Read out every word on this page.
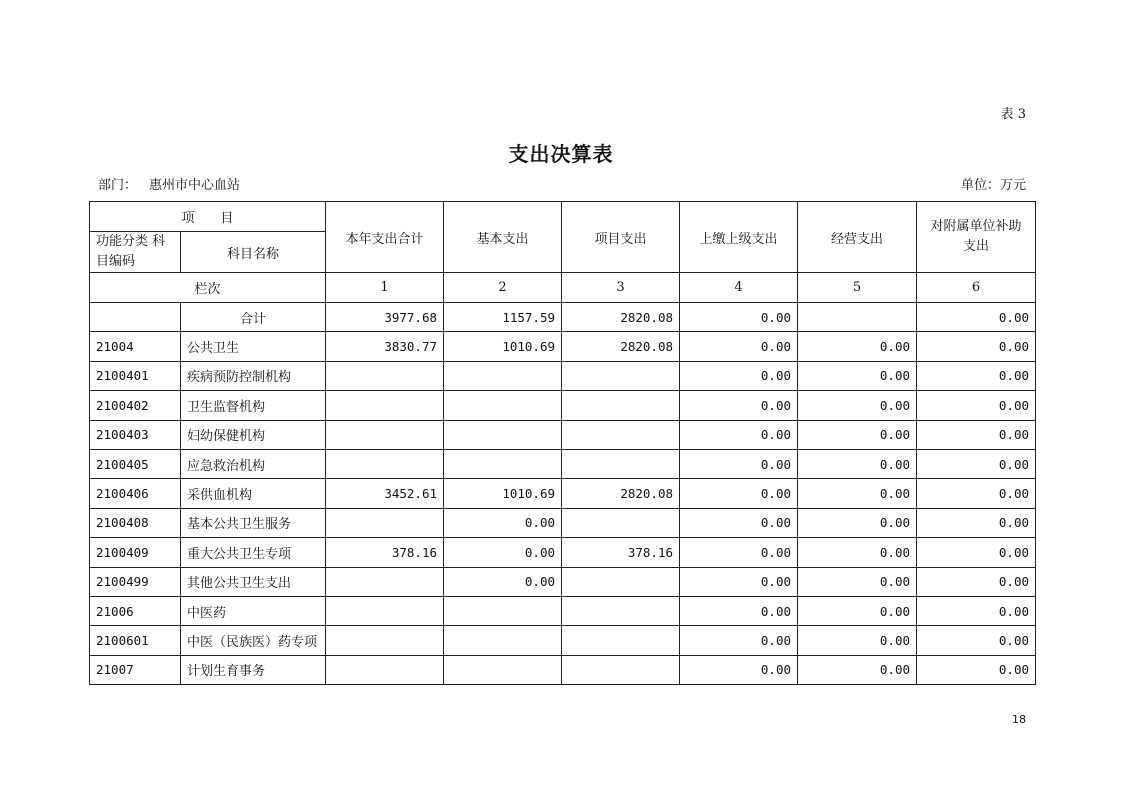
表 3
支出决算表
部门： 惠州市中心血站	单位：万元
项　　目		本年支出合计	基本支出	项目支出	上缴上级支出	经营支出	对附属单位补助 支出
功能分类 科目编码	科目名称						
栏次		1	2	3	4	5	6
	合计	3977.68	1157.59	2820.08	0.00		0.00
21004	公共卫生	3830.77	1010.69	2820.08	0.00	0.00	0.00
2100401	疾病预防控制机构				0.00	0.00	0.00
2100402	卫生监督机构				0.00	0.00	0.00
2100403	妇幼保健机构				0.00	0.00	0.00
2100405	应急救治机构				0.00	0.00	0.00
2100406	采供血机构	3452.61	1010.69	2820.08	0.00	0.00	0.00
2100408	基本公共卫生服务		0.00		0.00	0.00	0.00
2100409	重大公共卫生专项	378.16	0.00	378.16	0.00	0.00	0.00
2100499	其他公共卫生支出		0.00		0.00	0.00	0.00
21006	中医药				0.00	0.00	0.00
2100601	中医（民族医）药专项				0.00	0.00	0.00
21007	计划生育事务				0.00	0.00	0.00
18
